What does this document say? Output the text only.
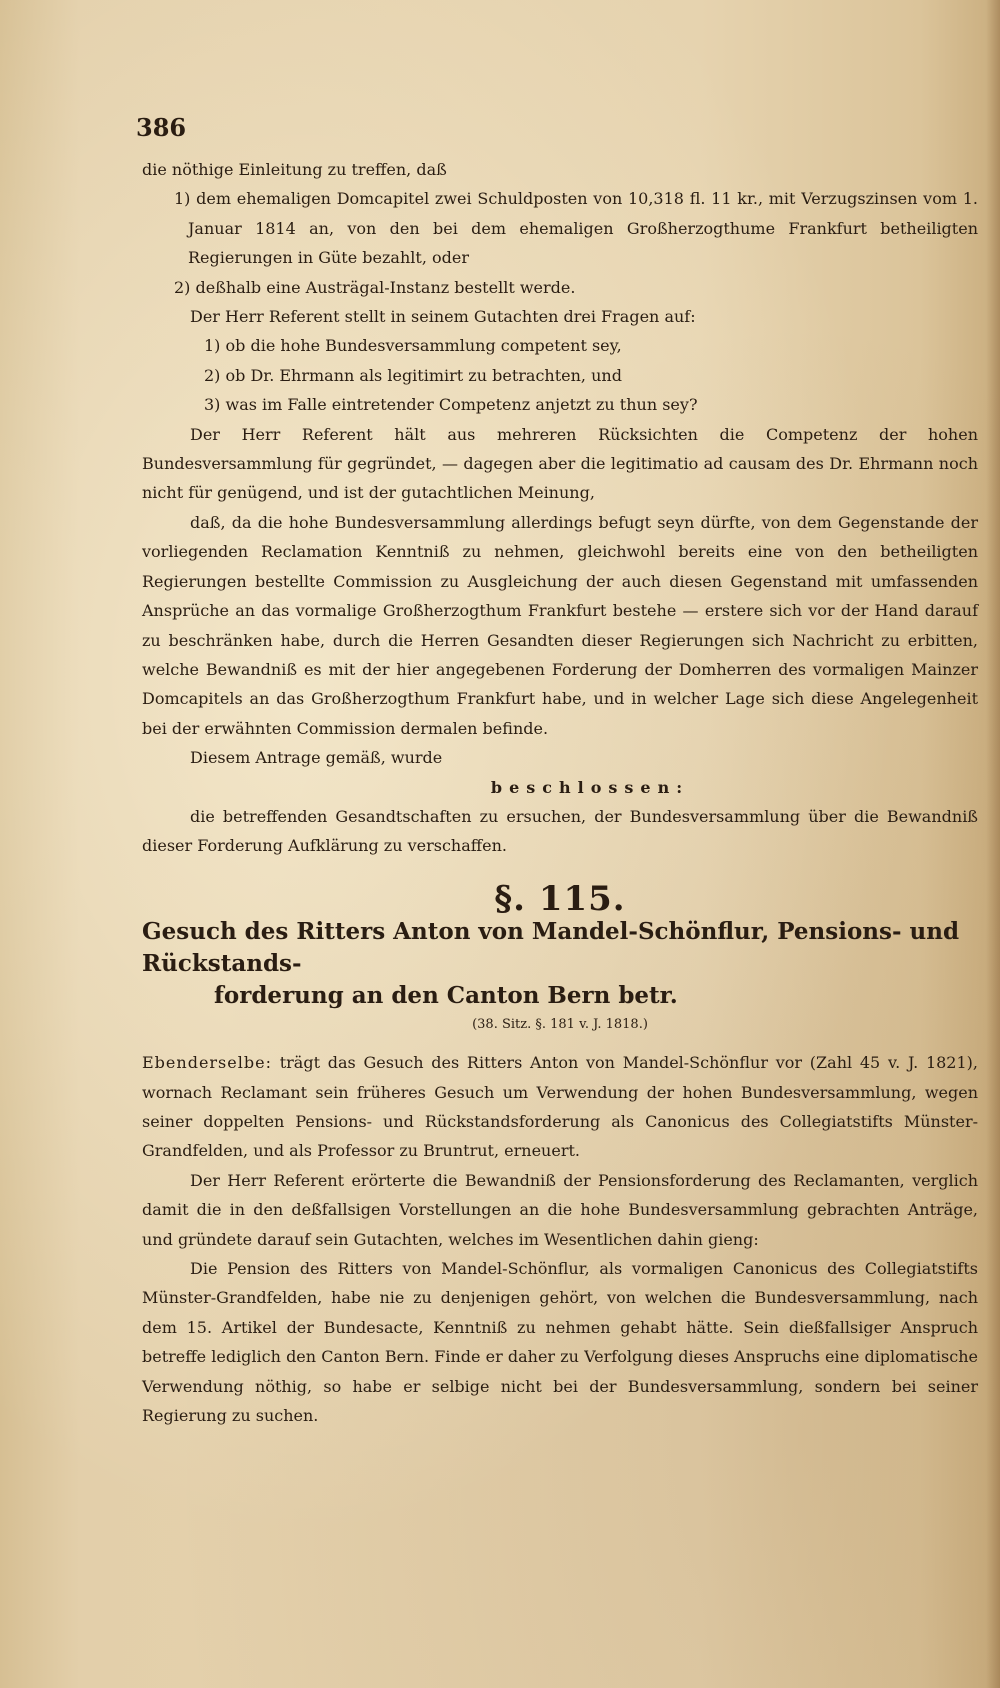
386

die nöthige Einleitung zu treffen, daß

1) dem ehemaligen Domcapitel zwei Schuldposten von 10,318 fl. 11 kr., mit Verzugszinsen vom 1. Januar 1814 an, von den bei dem ehemaligen Großherzogthume Frankfurt betheiligten Regierungen in Güte bezahlt, oder

2) deßhalb eine Austrägal-Instanz bestellt werde.

Der Herr Referent stellt in seinem Gutachten drei Fragen auf:

1) ob die hohe Bundesversammlung competent sey,

2) ob Dr. Ehrmann als legitimirt zu betrachten, und

3) was im Falle eintretender Competenz anjetzt zu thun sey?

Der Herr Referent hält aus mehreren Rücksichten die Competenz der hohen Bundesversammlung für gegründet, — dagegen aber die legitimatio ad causam des Dr. Ehrmann noch nicht für genügend, und ist der gutachtlichen Meinung,

daß, da die hohe Bundesversammlung allerdings befugt seyn dürfte, von dem Gegenstande der vorliegenden Reclamation Kenntniß zu nehmen, gleichwohl bereits eine von den betheiligten Regierungen bestellte Commission zu Ausgleichung der auch diesen Gegenstand mit umfassenden Ansprüche an das vormalige Großherzogthum Frankfurt bestehe — erstere sich vor der Hand darauf zu beschränken habe, durch die Herren Gesandten dieser Regierungen sich Nachricht zu erbitten, welche Bewandniß es mit der hier angegebenen Forderung der Domherren des vormaligen Mainzer Domcapitels an das Großherzogthum Frankfurt habe, und in welcher Lage sich diese Angelegenheit bei der erwähnten Commission dermalen befinde.

Diesem Antrage gemäß, wurde

beschlossen:

die betreffenden Gesandtschaften zu ersuchen, der Bundesversammlung über die Bewandniß dieser Forderung Aufklärung zu verschaffen.

§. 115.
Gesuch des Ritters Anton von Mandel-Schönflur, Pensions- und Rückstands-
forderung an den Canton Bern betr.
(38. Sitz. §. 181 v. J. 1818.)

Ebenderselbe: trägt das Gesuch des Ritters Anton von Mandel-Schönflur vor (Zahl 45 v. J. 1821), wornach Reclamant sein früheres Gesuch um Verwendung der hohen Bundesversammlung, wegen seiner doppelten Pensions- und Rückstandsforderung als Canonicus des Collegiatstifts Münster-Grandfelden, und als Professor zu Bruntrut, erneuert.

Der Herr Referent erörterte die Bewandniß der Pensionsforderung des Reclamanten, verglich damit die in den deßfallsigen Vorstellungen an die hohe Bundesversammlung gebrachten Anträge, und gründete darauf sein Gutachten, welches im Wesentlichen dahin gieng:

Die Pension des Ritters von Mandel-Schönflur, als vormaligen Canonicus des Collegiatstifts Münster-Grandfelden, habe nie zu denjenigen gehört, von welchen die Bundesversammlung, nach dem 15. Artikel der Bundesacte, Kenntniß zu nehmen gehabt hätte. Sein dießfallsiger Anspruch betreffe lediglich den Canton Bern. Finde er daher zu Verfolgung dieses Anspruchs eine diplomatische Verwendung nöthig, so habe er selbige nicht bei der Bundesversammlung, sondern bei seiner Regierung zu suchen.
